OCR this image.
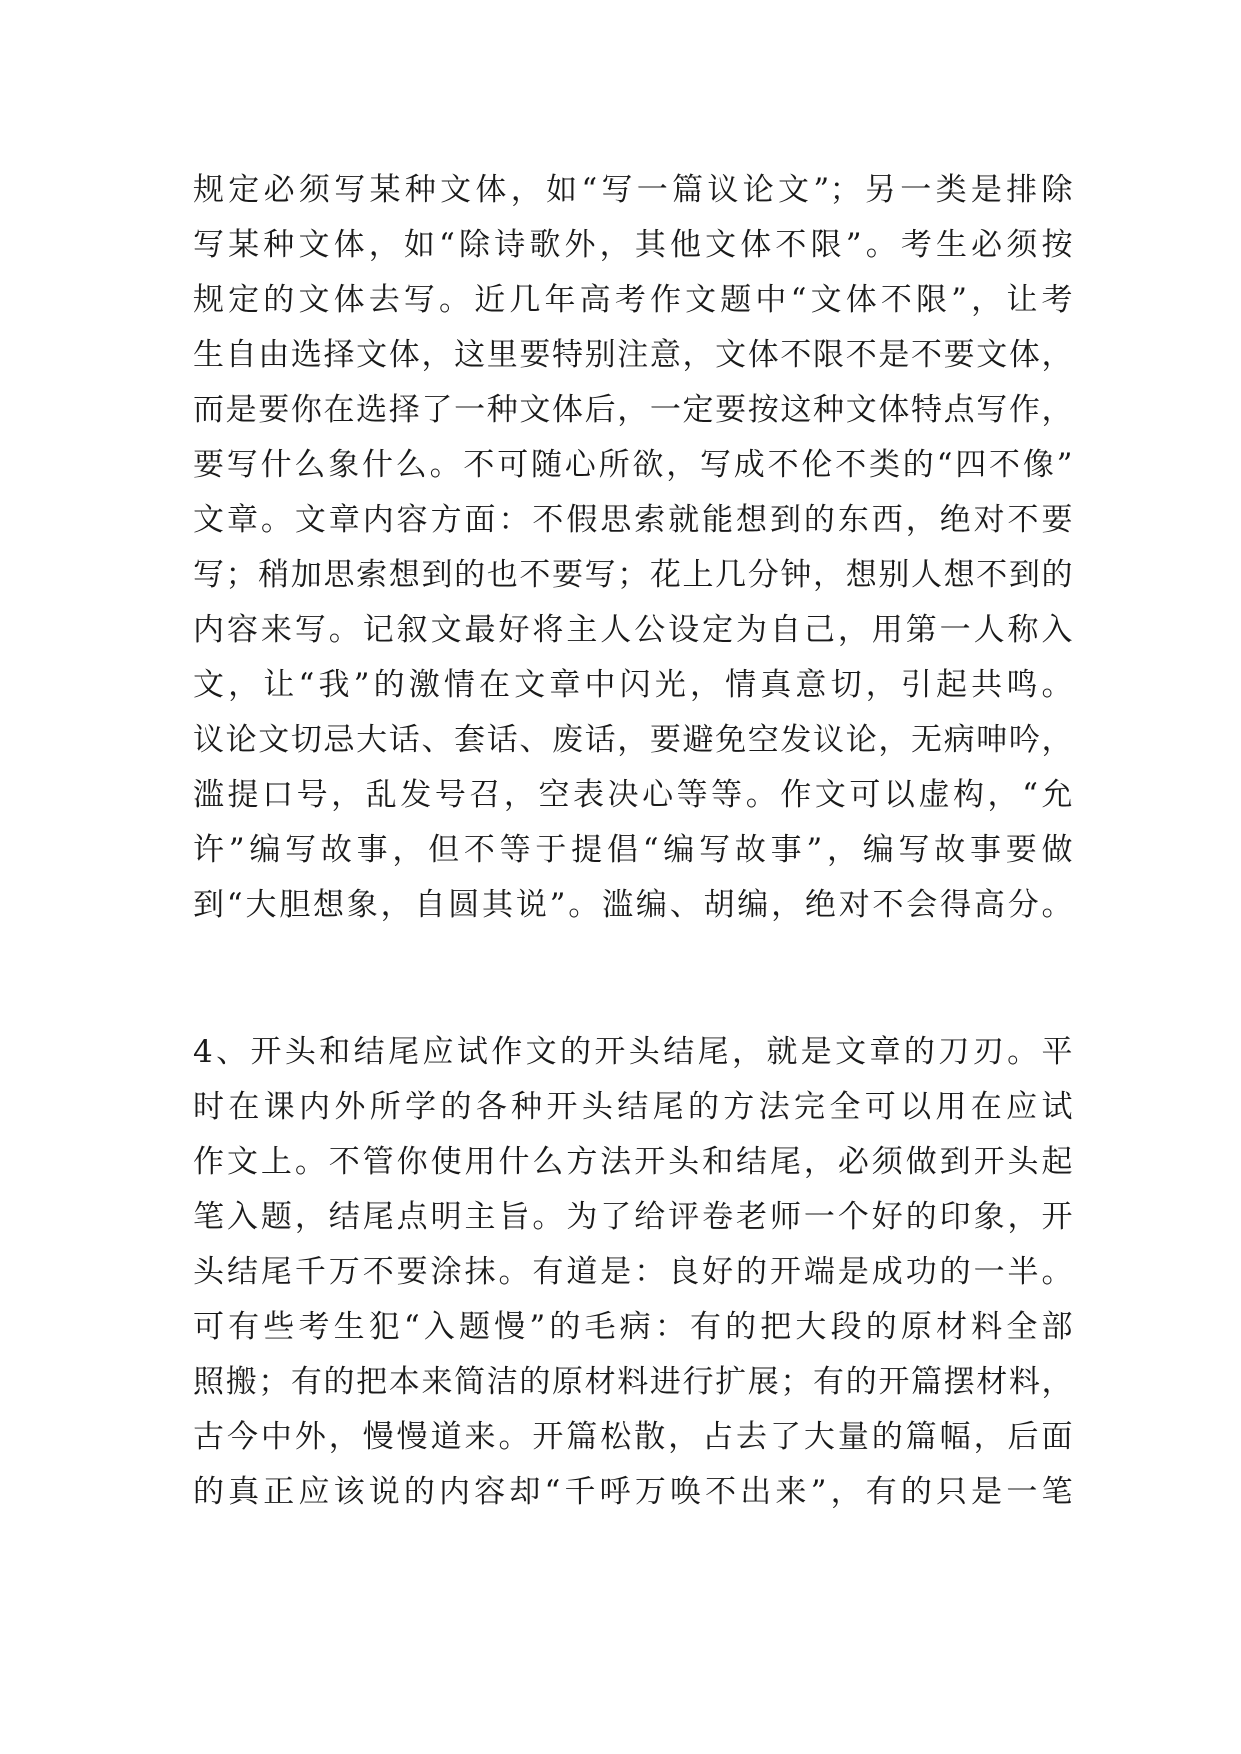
规定必须写某种文体，如“写一篇议论文”；另一类是排除
写某种文体，如“除诗歌外，其他文体不限”。考生必须按
规定的文体去写。近几年高考作文题中“文体不限”，让考
生自由选择文体，这里要特别注意，文体不限不是不要文体，
而是要你在选择了一种文体后，一定要按这种文体特点写作，
要写什么象什么。不可随心所欲，写成不伦不类的“四不像”
文章。文章内容方面：不假思索就能想到的东西，绝对不要
写；稍加思索想到的也不要写；花上几分钟，想别人想不到的
内容来写。记叙文最好将主人公设定为自己，用第一人称入
文，让“我”的激情在文章中闪光，情真意切，引起共鸣。
议论文切忌大话、套话、废话，要避免空发议论，无病呻吟，
滥提口号，乱发号召，空表决心等等。作文可以虚构，“允
许”编写故事，但不等于提倡“编写故事”，编写故事要做
到“大胆想象，自圆其说”。滥编、胡编，绝对不会得高分。
4、开头和结尾应试作文的开头结尾，就是文章的刀刃。平
时在课内外所学的各种开头结尾的方法完全可以用在应试
作文上。不管你使用什么方法开头和结尾，必须做到开头起
笔入题，结尾点明主旨。为了给评卷老师一个好的印象，开
头结尾千万不要涂抹。有道是：良好的开端是成功的一半。
可有些考生犯“入题慢”的毛病：有的把大段的原材料全部
照搬；有的把本来简洁的原材料进行扩展；有的开篇摆材料，
古今中外，慢慢道来。开篇松散，占去了大量的篇幅，后面
的真正应该说的内容却“千呼万唤不出来”，有的只是一笔
